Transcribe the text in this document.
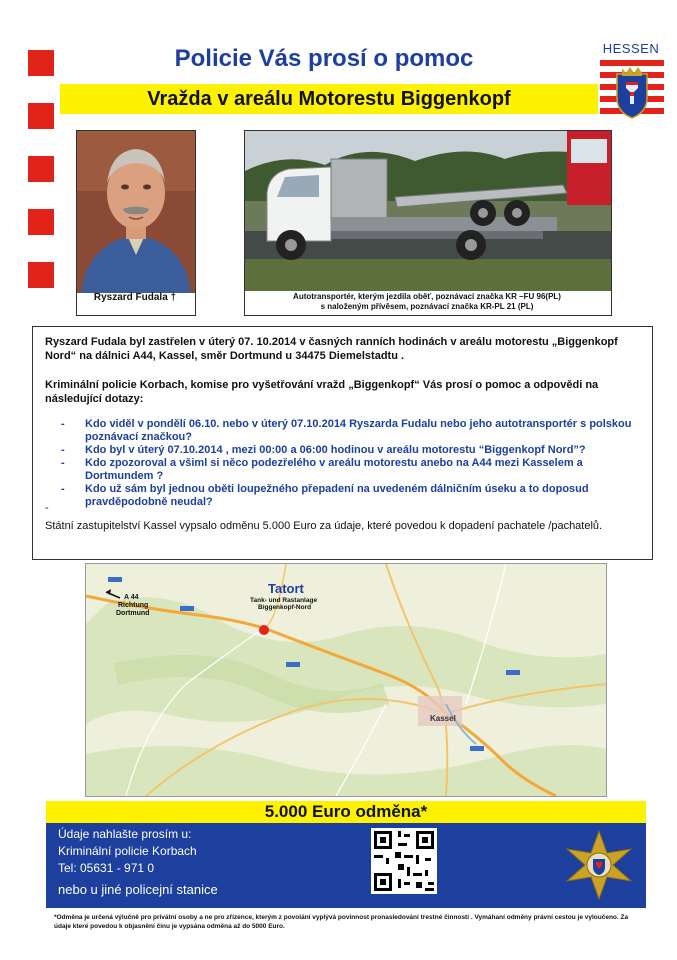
Policie Vás prosí o pomoc
Vražda v areálu Motorestu Biggenkopf
HESSEN
Ryszard Fudala †	Autotransportér, kterým jezdila oběť, poznávací značka KR –FU 96(PL)
s naloženým přívěsem, poznávací značka KR-PL 21 (PL)
Ryszard Fudala byl zastřelen v úterý 07. 10.2014 v časných ranních hodinách v areálu motorestu „Biggenkopf Nord“ na dálnici A44, Kassel, směr Dortmund u 34475 Diemelstadtu .
Kriminální policie Korbach, komise pro vyšetřování vražd „Biggenkopf“ Vás prosí o pomoc a odpovědi na následující dotazy:
- Kdo viděl v pondělí 06.10. nebo v úterý 07.10.2014 Ryszarda Fudalu nebo jeho autotransportér s polskou poznávací značkou?
- Kdo byl v úterý 07.10.2014 , mezi 00:00 a 06:00 hodinou v areálu motorestu “Biggenkopf Nord”?
- Kdo zpozoroval a všiml si něco podezřelého v areálu motorestu anebo na A44 mezi Kasselem a Dortmundem ?
- Kdo už sám byl jednou oběti loupežného přepadení na uvedeném dálničním úseku a to doposud pravděpodobně neudal?
-
Státní zastupitelství Kassel vypsalo odměnu 5.000 Euro za údaje, které povedou k dopadení pachatele /pachatelů.
A 44
Richtung
Dortmund
Tatort
Tank- und Rastanlage
Biggenkopf-Nord
Kassel
5.000 Euro odměna*
Údaje nahlašte prosím u:
Kriminální policie Korbach
Tel: 05631 - 971 0
nebo u jiné policejní stanice
*Odměna je určená výlučně pro privátní osoby a ne pro zřízence, kterým z povolání vyplývá povinnost pronasledování trestné činnosti . Vymáhaní odměny právní cestou je vyloučeno. Za údaje které povedou k objasnění činu je vypsána odměna až do 5000 Euro.
